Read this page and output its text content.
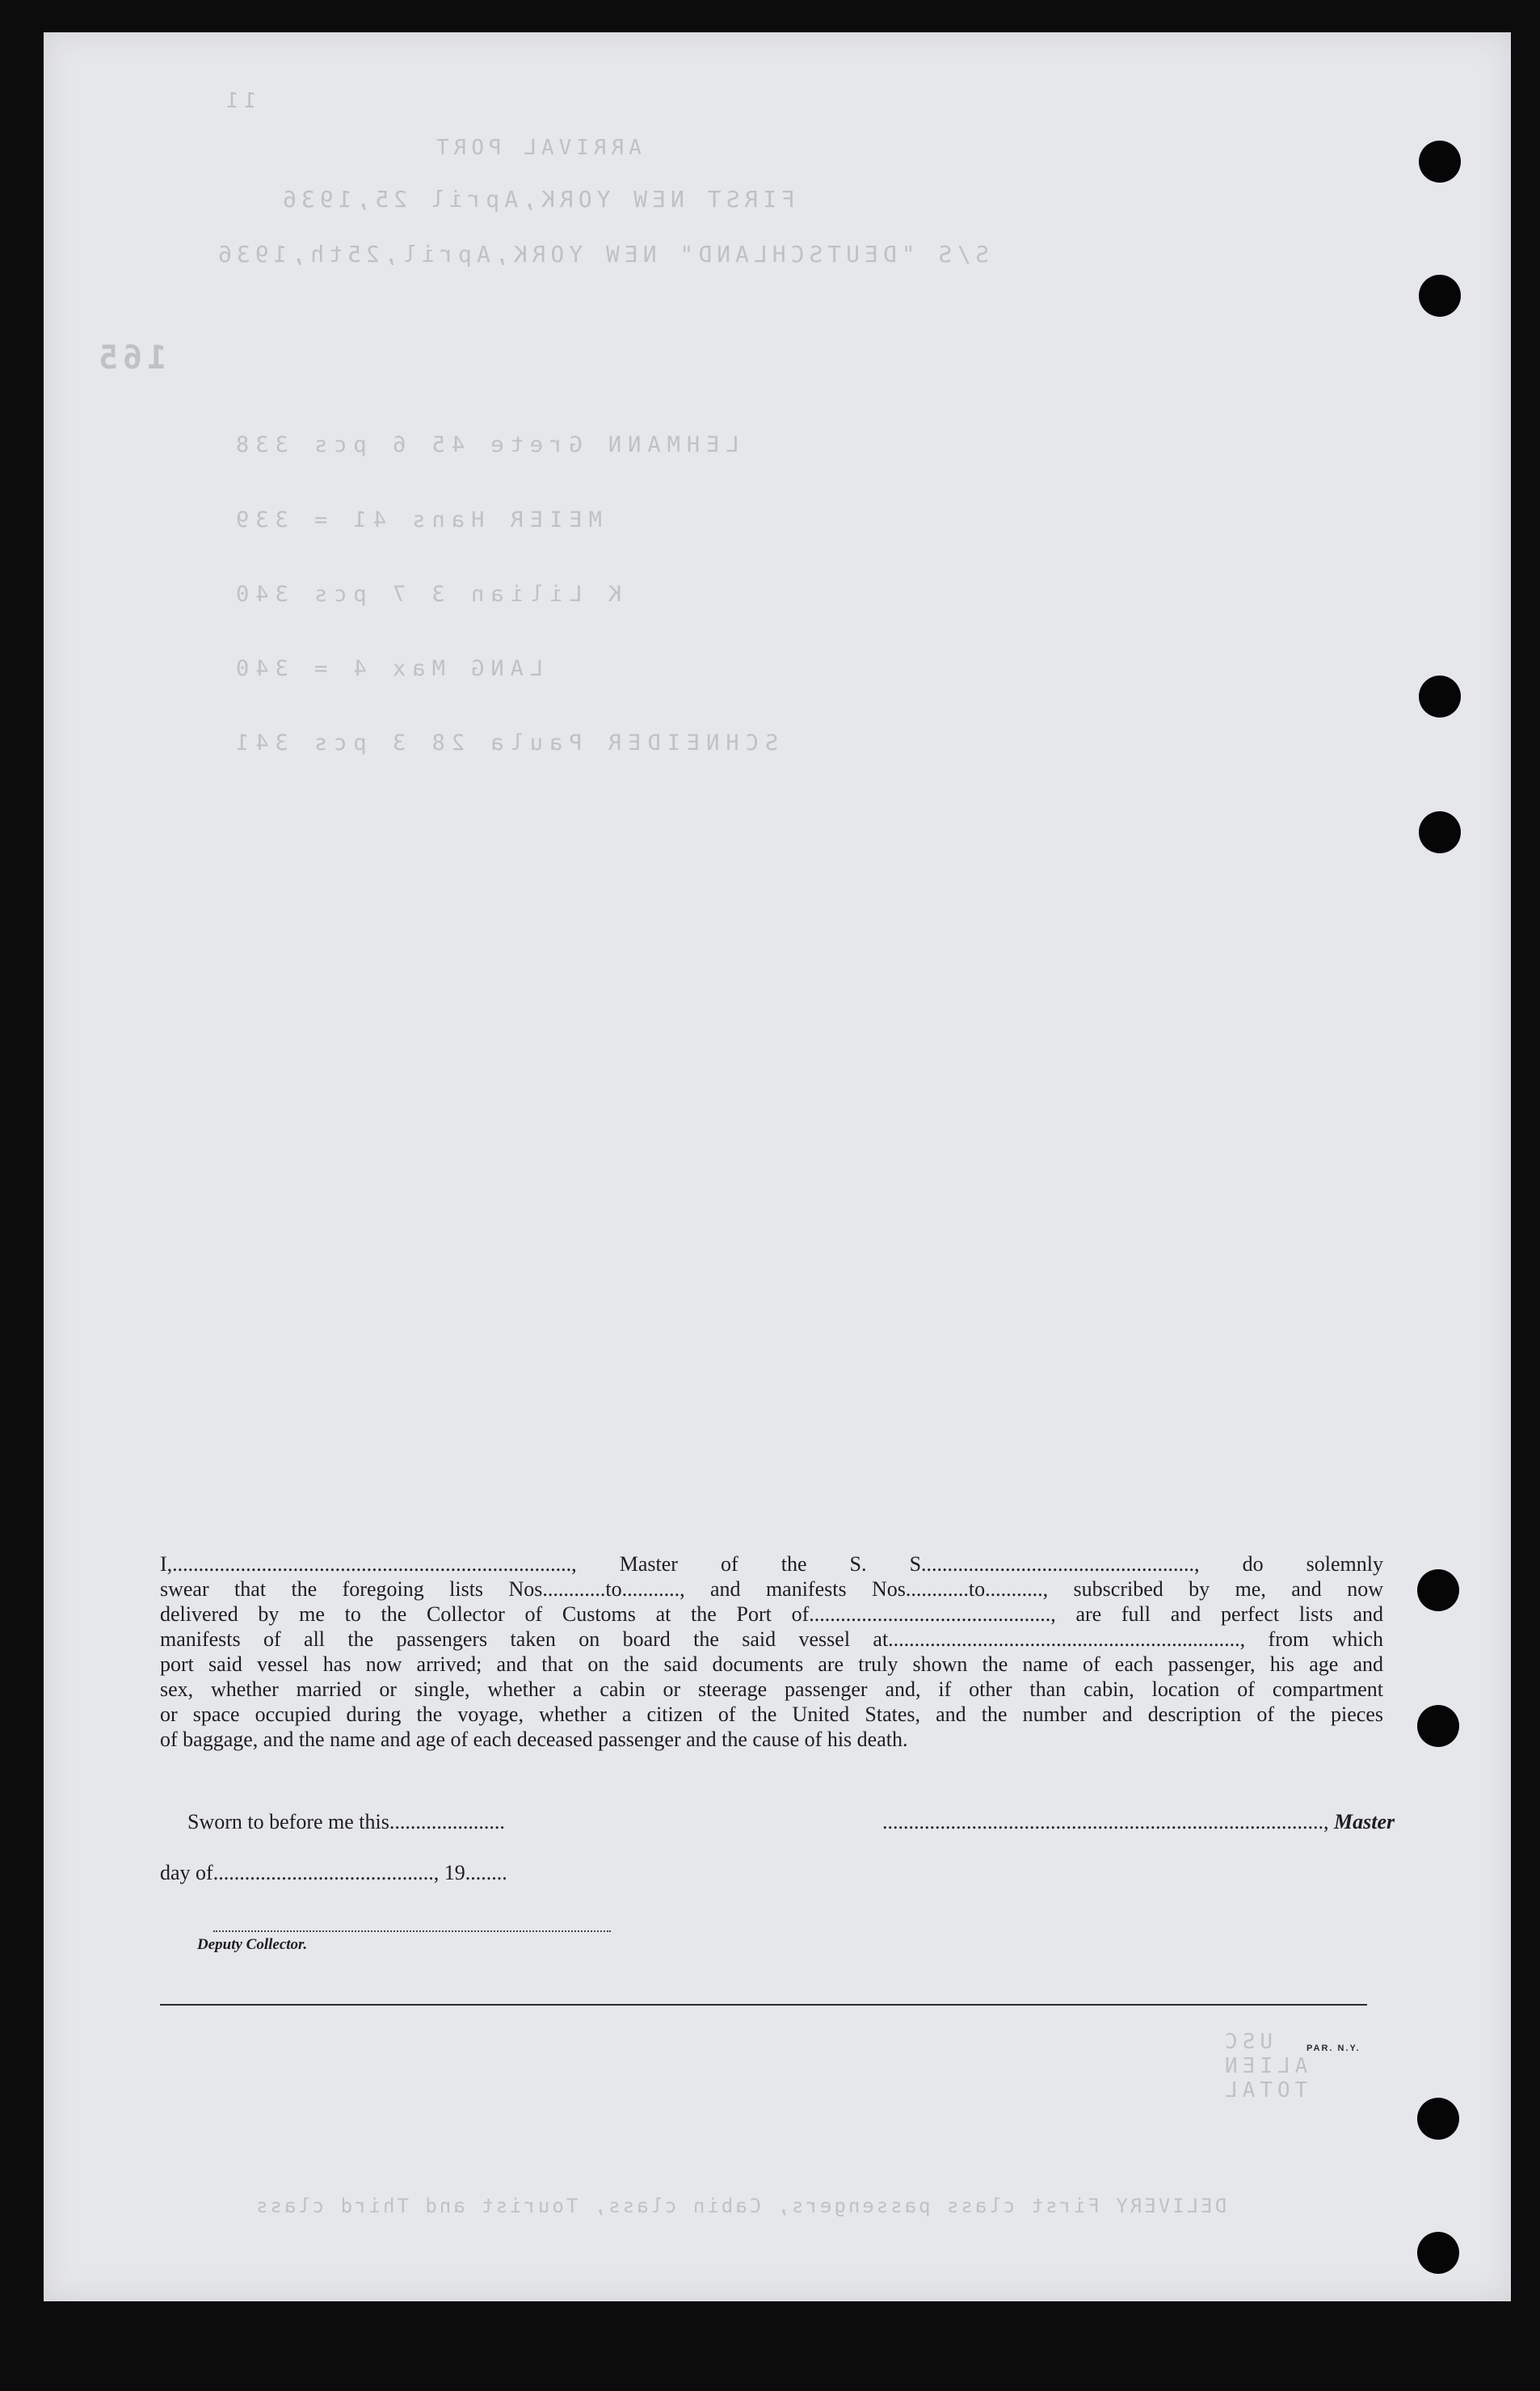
11
ARRIVAL PORT
FIRST NEW YORK,April 25,1936
S/S "DEUTSCHLAND" NEW YORK,April,25th,1936
165
LEHMANN Grete 45 6 pcs 338
MEIER Hans 41 = 339
K Lilian 3 7 pcs 340
LANG Max 4 = 340
SCHNEIDER Paula 28 3 pcs 341
USC
ALIEN
TOTAL
DELIVERY First class passengers, Cabin class, Tourist and Third class
I,............................................................................, Master of the S. S...................................................., do solemnly
swear that the foregoing lists Nos............to..........., and manifests Nos............to..........., subscribed by me, and now
delivered by me to the Collector of Customs at the Port of.............................................., are full and perfect lists and
manifests of all the passengers taken on board the said vessel at..................................................................., from which
port said vessel has now arrived; and that on the said documents are truly shown the name of each passenger, his age and
sex, whether married or single, whether a cabin or steerage passenger and, if other than cabin, location of compartment
or space occupied during the voyage, whether a citizen of the United States, and the number and description of the pieces
of baggage, and the name and age of each deceased passenger and the cause of his death.
Sworn to before me this......................	...................................................................................., Master
day of.........................................., 19........
Deputy Collector.
PAR. N.Y.
